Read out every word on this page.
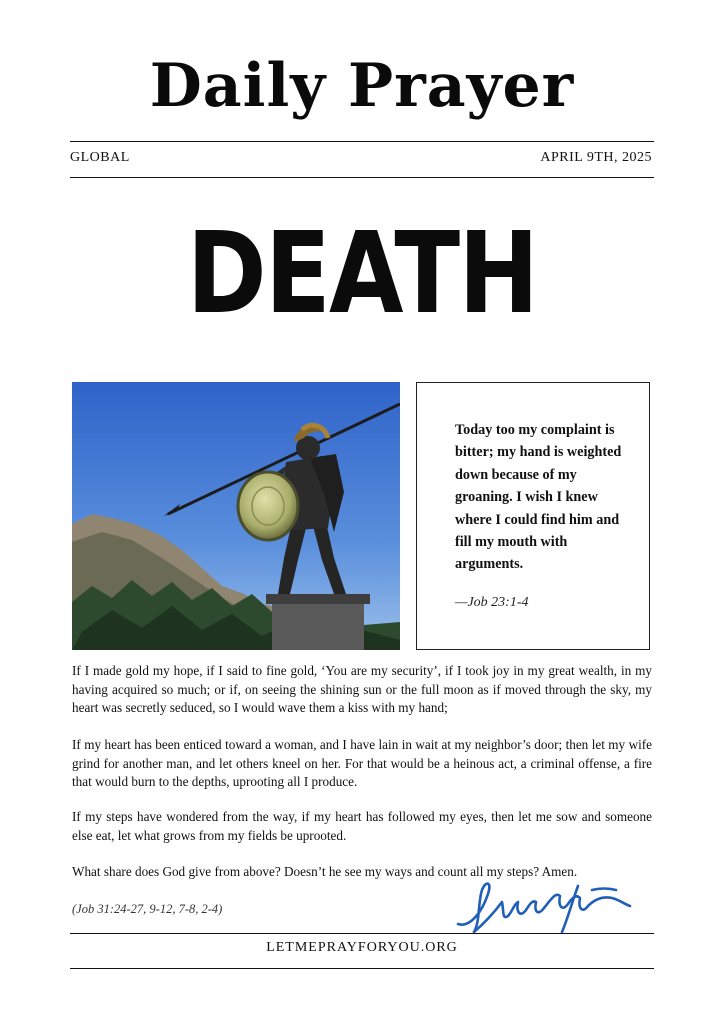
Daily Prayer
GLOBAL	APRIL 9TH, 2025
DEATH
Today too my complaint is bitter; my hand is weighted down because of my groaning. I wish I knew where I could find him and fill my mouth with arguments.
—Job 23:1-4
If I made gold my hope, if I said to fine gold, ‘You are my security’, if I took joy in my great wealth, in my having acquired so much; or if, on seeing the shining sun or the full moon as if moved through the sky, my heart was secretly seduced, so I would wave them a kiss with my hand;
If my heart has been enticed toward a woman, and I have lain in wait at my neighbor’s door; then let my wife grind for another man, and let others kneel on her. For that would be a heinous act, a criminal offense, a fire that would burn to the depths, uprooting all I produce.
If my steps have wondered from the way, if my heart has followed my eyes, then let me sow and someone else eat, let what grows from my fields be uprooted.
What share does God give from above? Doesn’t he see my ways and count all my steps? Amen.
(Job 31:24-27, 9-12, 7-8, 2-4)
LETMEPRAYFORYOU.ORG
